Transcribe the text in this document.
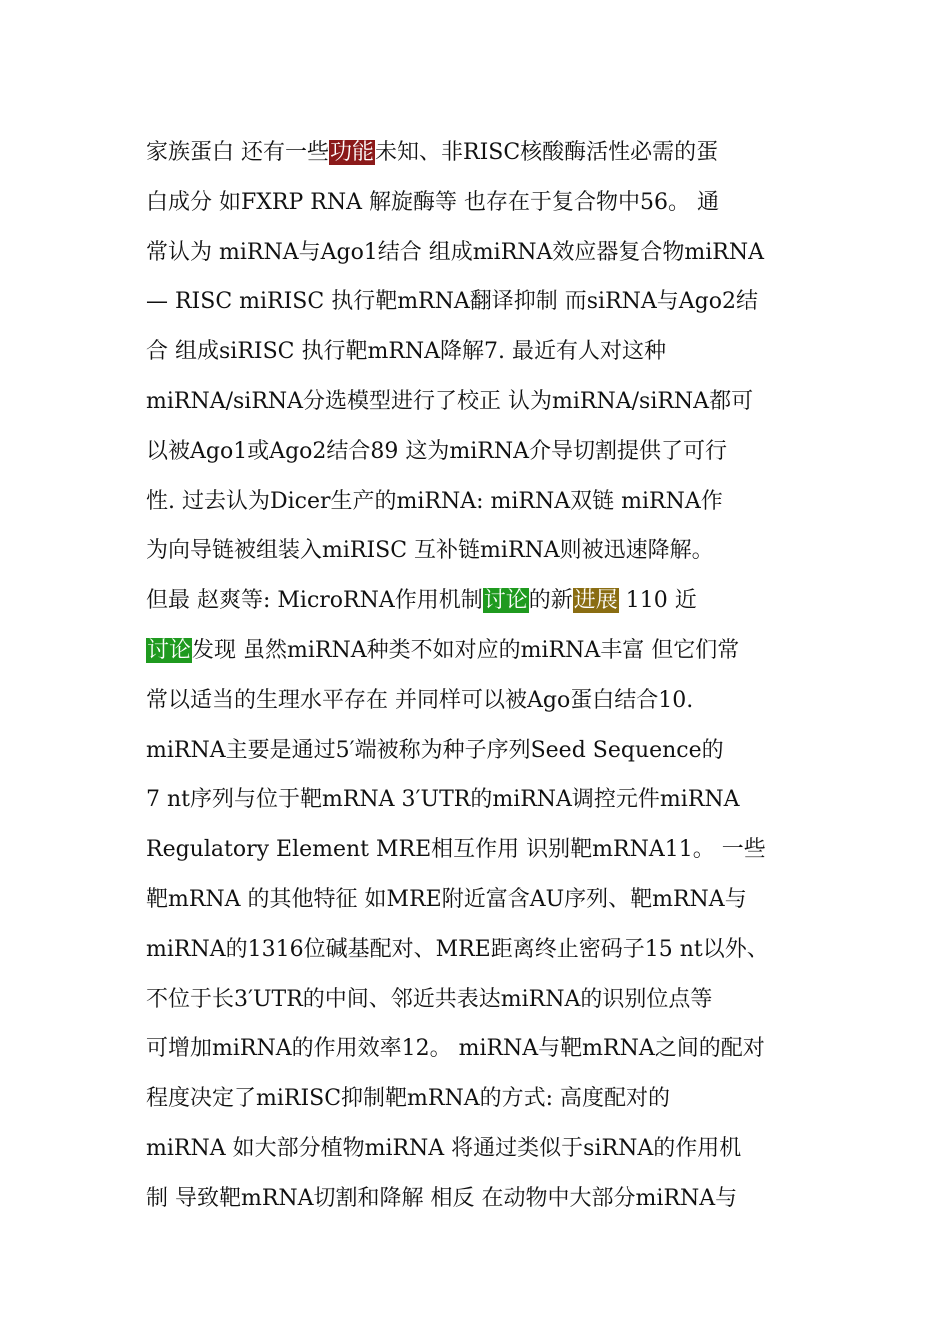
家族蛋白 还有一些功能未知、非RISC核酸酶活性必需的蛋
白成分 如FXRP RNA 解旋酶等 也存在于复合物中56。 通
常认为 miRNA与Ago1结合 组成miRNA效应器复合物miRNA
— RISC miRISC 执行靶mRNA翻译抑制 而siRNA与Ago2结
合 组成siRISC 执行靶mRNA降解7. 最近有人对这种
miRNA/siRNA分选模型进行了校正 认为miRNA/siRNA都可
以被Ago1或Ago2结合89 这为miRNA介导切割提供了可行
性. 过去认为Dicer生产的miRNA: miRNA双链 miRNA作
为向导链被组装入miRISC 互补链miRNA则被迅速降解。
但最 赵爽等: MicroRNA作用机制讨论的新进展 110 近
讨论发现 虽然miRNA种类不如对应的miRNA丰富 但它们常
常以适当的生理水平存在 并同样可以被Ago蛋白结合10.
miRNA主要是通过5′端被称为种子序列Seed Sequence的
7 nt序列与位于靶mRNA 3′UTR的miRNA调控元件miRNA
Regulatory Element MRE相互作用 识别靶mRNA11。 一些
靶mRNA 的其他特征 如MRE附近富含AU序列、靶mRNA与
miRNA的1316位碱基配对、MRE距离终止密码子15 nt以外、
不位于长3′UTR的中间、邻近共表达miRNA的识别位点等
可增加miRNA的作用效率12。 miRNA与靶mRNA之间的配对
程度决定了miRISC抑制靶mRNA的方式: 高度配对的
miRNA 如大部分植物miRNA 将通过类似于siRNA的作用机
制 导致靶mRNA切割和降解 相反 在动物中大部分miRNA与
